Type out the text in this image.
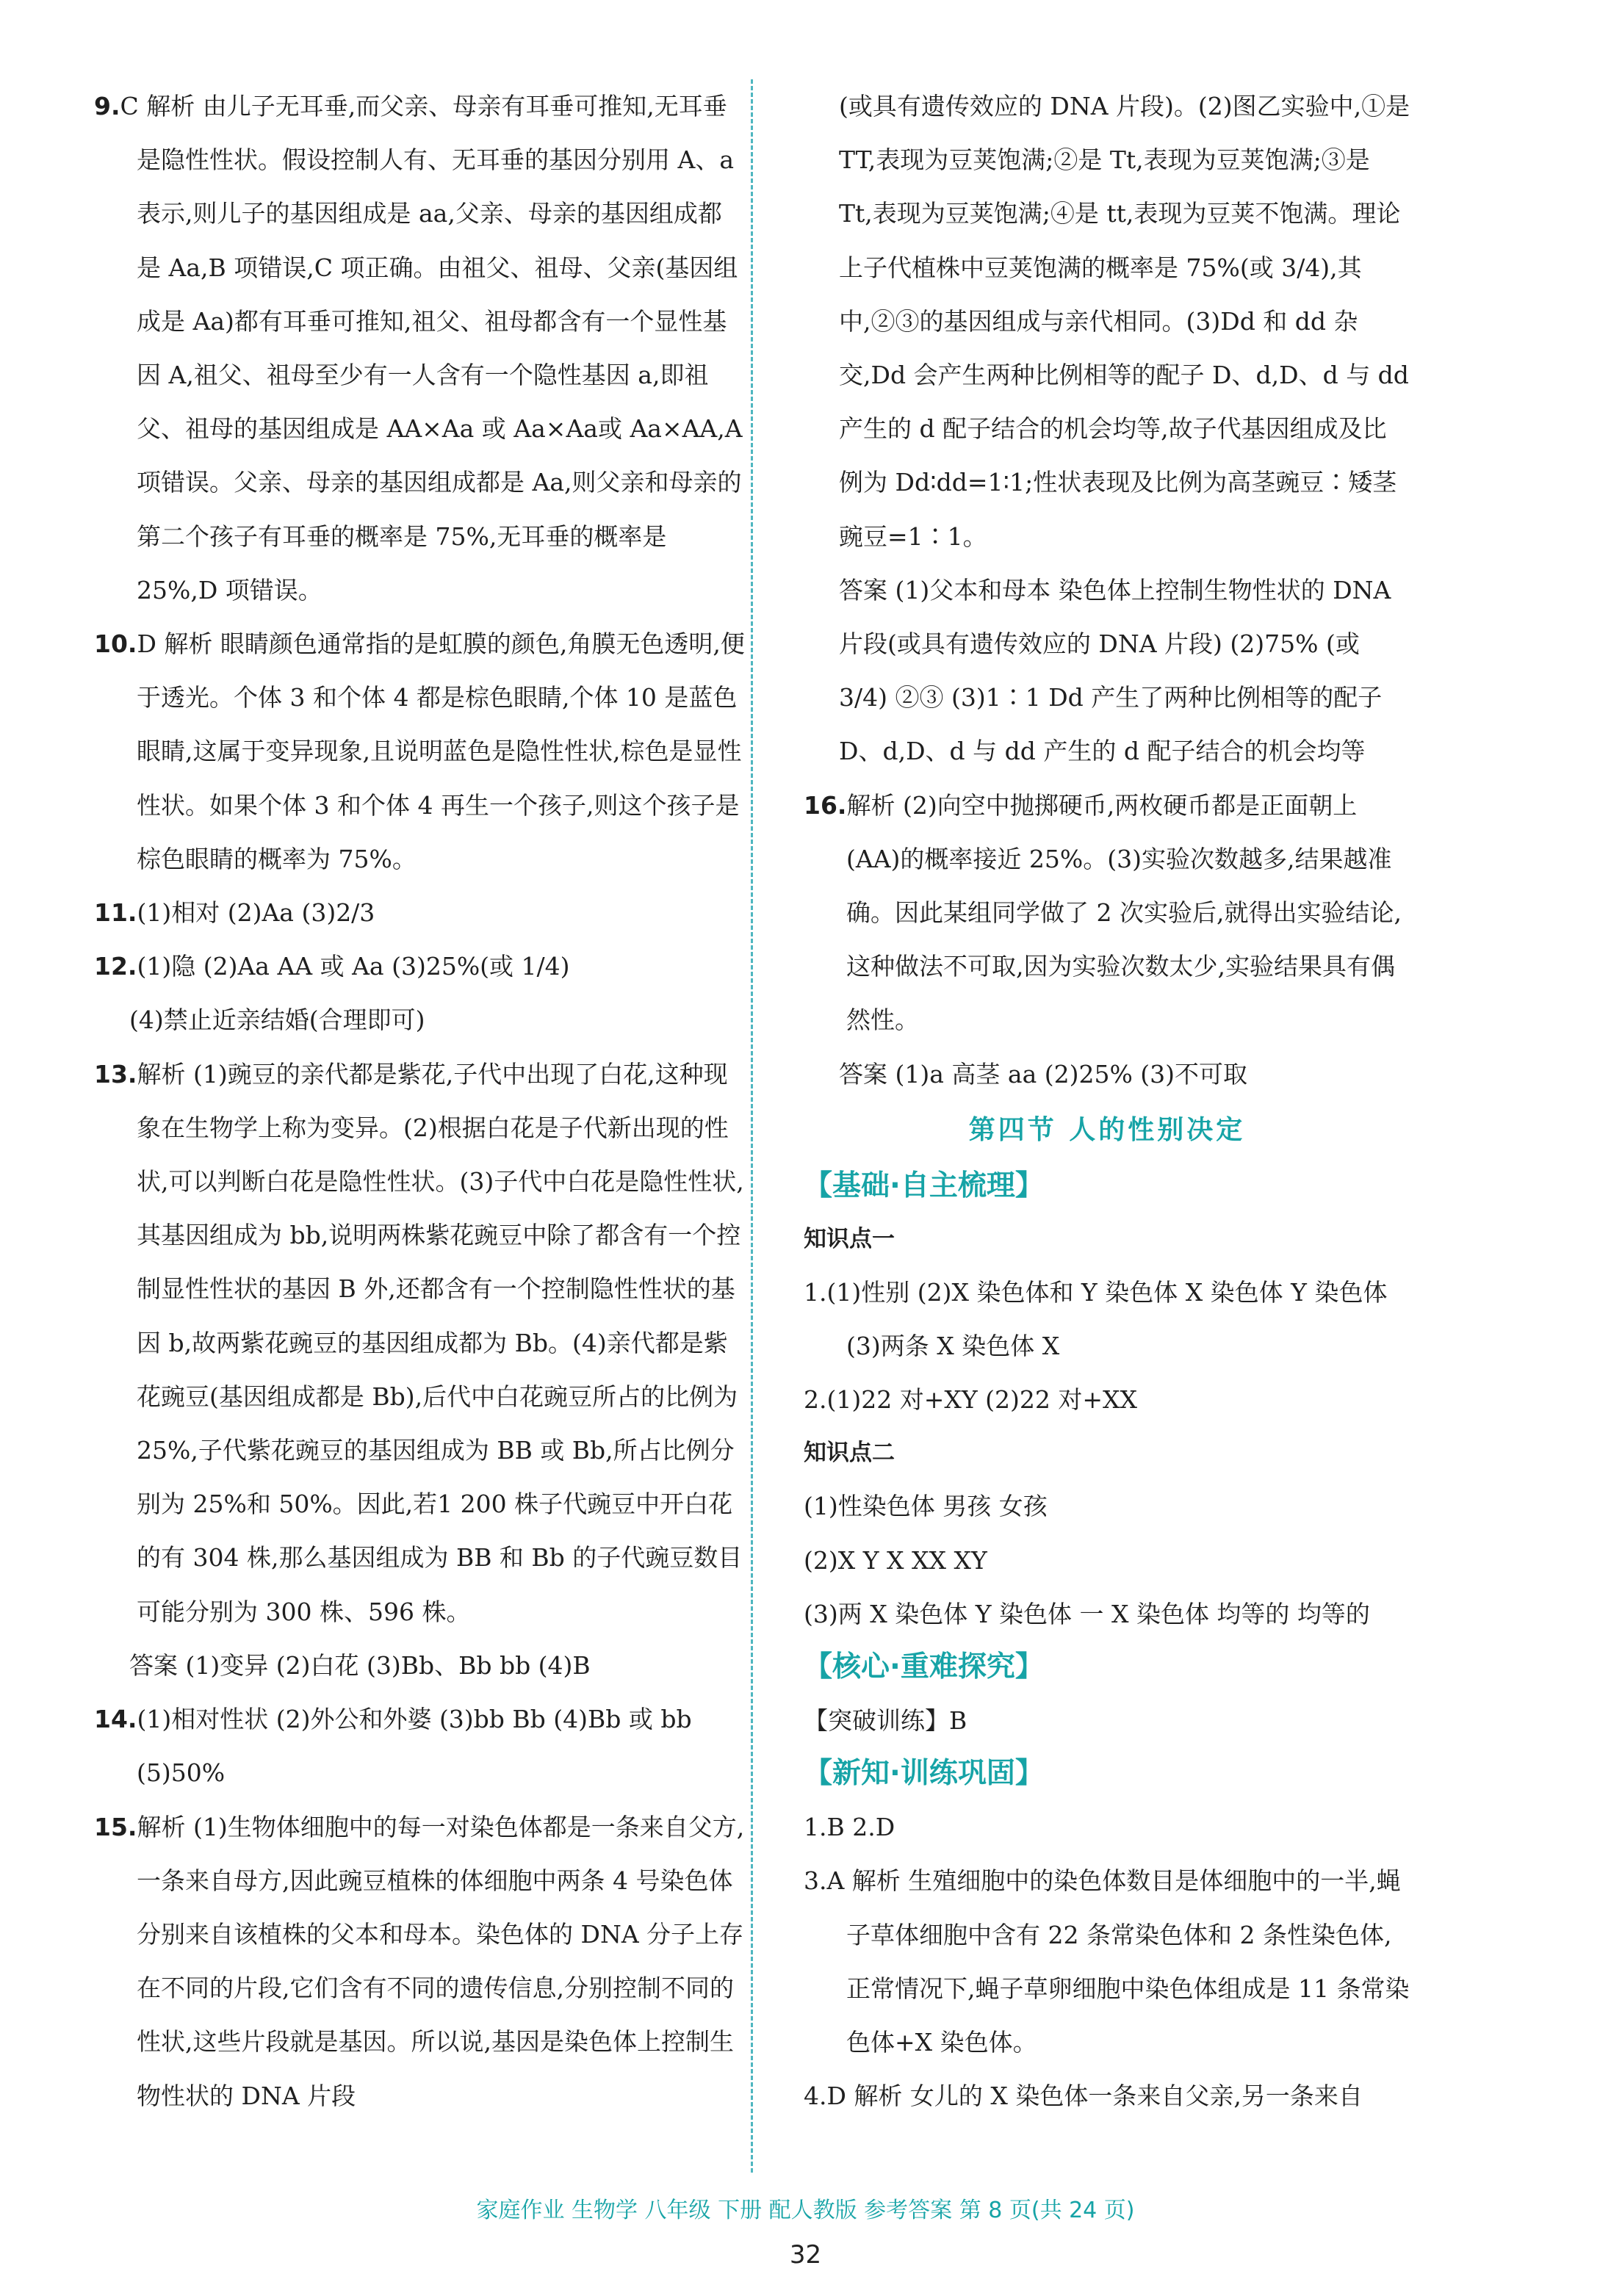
9.C 解析 由儿子无耳垂,而父亲、母亲有耳垂可推知,无耳垂是隐性性状。假设控制人有、无耳垂的基因分别用 A、a 表示,则儿子的基因组成是 aa,父亲、母亲的基因组成都是 Aa,B 项错误,C 项正确。由祖父、祖母、父亲(基因组成是 Aa)都有耳垂可推知,祖父、祖母都含有一个显性基因 A,祖父、祖母至少有一人含有一个隐性基因 a,即祖父、祖母的基因组成是 AA×Aa 或 Aa×Aa或 Aa×AA,A 项错误。父亲、母亲的基因组成都是 Aa,则父亲和母亲的第二个孩子有耳垂的概率是 75%,无耳垂的概率是 25%,D 项错误。

10.D 解析 眼睛颜色通常指的是虹膜的颜色,角膜无色透明,便于透光。个体 3 和个体 4 都是棕色眼睛,个体 10 是蓝色眼睛,这属于变异现象,且说明蓝色是隐性性状,棕色是显性性状。如果个体 3 和个体 4 再生一个孩子,则这个孩子是棕色眼睛的概率为 75%。

11.(1)相对 (2)Aa (3)2/3

12.(1)隐 (2)Aa AA 或 Aa (3)25%(或 1/4)

(4)禁止近亲结婚(合理即可)

13.解析 (1)豌豆的亲代都是紫花,子代中出现了白花,这种现象在生物学上称为变异。(2)根据白花是子代新出现的性状,可以判断白花是隐性性状。(3)子代中白花是隐性性状,其基因组成为 bb,说明两株紫花豌豆中除了都含有一个控制显性性状的基因 B 外,还都含有一个控制隐性性状的基因 b,故两紫花豌豆的基因组成都为 Bb。(4)亲代都是紫花豌豆(基因组成都是 Bb),后代中白花豌豆所占的比例为 25%,子代紫花豌豆的基因组成为 BB 或 Bb,所占比例分别为 25%和 50%。因此,若1 200 株子代豌豆中开白花的有 304 株,那么基因组成为 BB 和 Bb 的子代豌豆数目可能分别为 300 株、596 株。

答案 (1)变异 (2)白花 (3)Bb、Bb bb (4)B

14.(1)相对性状 (2)外公和外婆 (3)bb Bb (4)Bb 或 bb (5)50%

15.解析 (1)生物体细胞中的每一对染色体都是一条来自父方,一条来自母方,因此豌豆植株的体细胞中两条 4 号染色体分别来自该植株的父本和母本。染色体的 DNA 分子上存在不同的片段,它们含有不同的遗传信息,分别控制不同的性状,这些片段就是基因。所以说,基因是染色体上控制生物性状的 DNA 片段

(或具有遗传效应的 DNA 片段)。(2)图乙实验中,①是 TT,表现为豆荚饱满;②是 Tt,表现为豆荚饱满;③是 Tt,表现为豆荚饱满;④是 tt,表现为豆荚不饱满。理论上子代植株中豆荚饱满的概率是 75%(或 3/4),其中,②③的基因组成与亲代相同。(3)Dd 和 dd 杂交,Dd 会产生两种比例相等的配子 D、d,D、d 与 dd 产生的 d 配子结合的机会均等,故子代基因组成及比例为 Dd∶dd=1∶1;性状表现及比例为高茎豌豆∶矮茎豌豆=1∶1。

答案 (1)父本和母本 染色体上控制生物性状的 DNA 片段(或具有遗传效应的 DNA 片段) (2)75% (或 3/4) ②③ (3)1∶1 Dd 产生了两种比例相等的配子 D、d,D、d 与 dd 产生的 d 配子结合的机会均等

16.解析 (2)向空中抛掷硬币,两枚硬币都是正面朝上(AA)的概率接近 25%。(3)实验次数越多,结果越准确。因此某组同学做了 2 次实验后,就得出实验结论,这种做法不可取,因为实验次数太少,实验结果具有偶然性。

答案 (1)a 高茎 aa (2)25% (3)不可取

第四节 人的性别决定

【基础·自主梳理】

知识点一

1.(1)性别 (2)X 染色体和 Y 染色体 X 染色体 Y 染色体 (3)两条 X 染色体 X

2.(1)22 对+XY (2)22 对+XX

知识点二

(1)性染色体 男孩 女孩

(2)X Y X XX XY

(3)两 X 染色体 Y 染色体 一 X 染色体 均等的 均等的

【核心·重难探究】

【突破训练】B

【新知·训练巩固】

1.B 2.D

3.A 解析 生殖细胞中的染色体数目是体细胞中的一半,蝇子草体细胞中含有 22 条常染色体和 2 条性染色体,正常情况下,蝇子草卵细胞中染色体组成是 11 条常染色体+X 染色体。

4.D 解析 女儿的 X 染色体一条来自父亲,另一条来自

家庭作业 生物学 八年级 下册 配人教版 参考答案 第 8 页(共 24 页)
32
